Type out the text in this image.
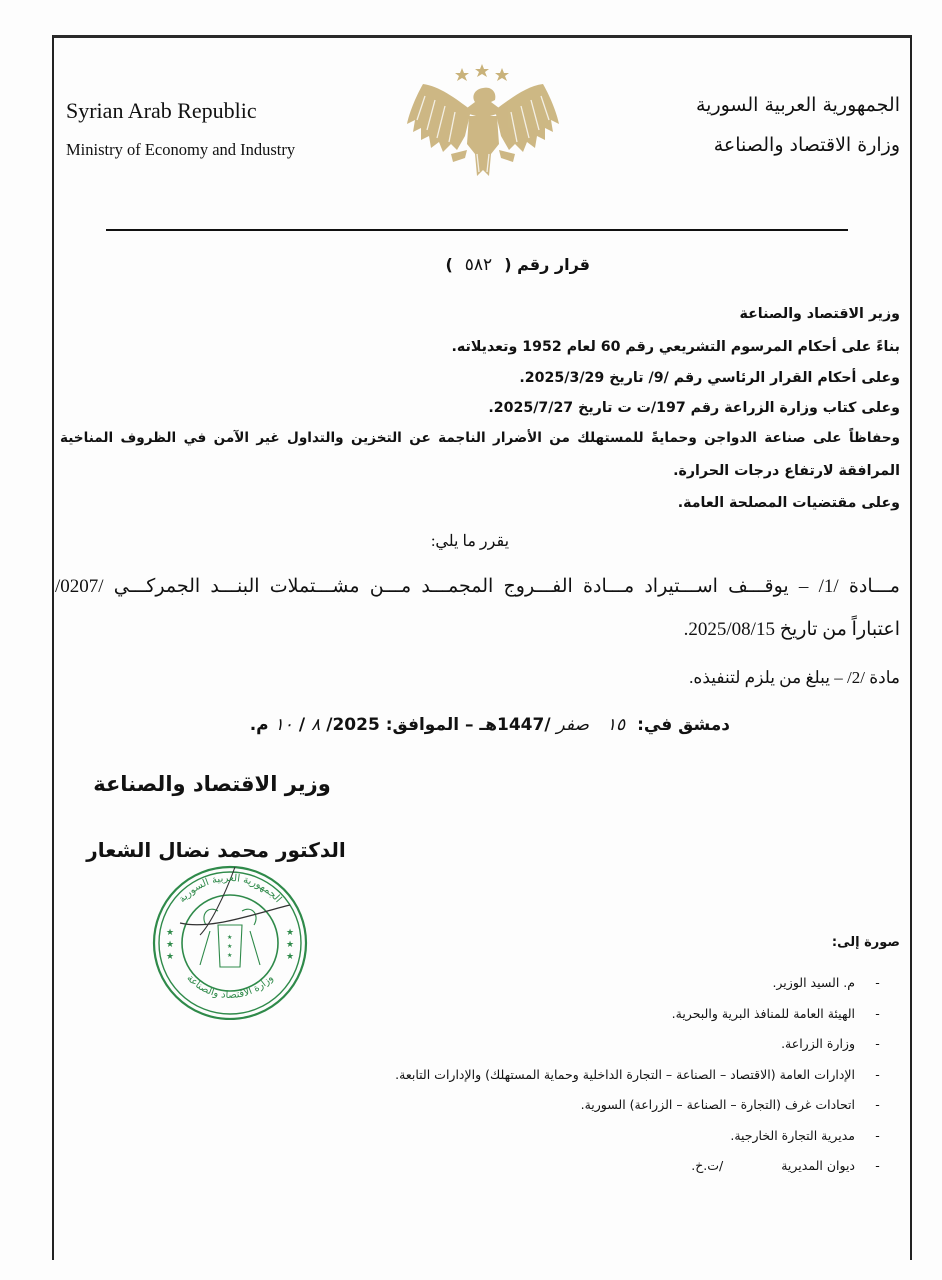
Syrian Arab Republic
Ministry of Economy and Industry
الجمهورية العربية السورية
وزارة الاقتصاد والصناعة
قرار رقم (٥٨٢)
وزير الاقتصاد والصناعة
بناءً على أحكام المرسوم التشريعي رقم 60 لعام 1952 وتعديلاته.
وعلى أحكام القرار الرئاسي رقم /9/ تاريخ 2025/3/29.
وعلى كتاب وزارة الزراعة رقم 197/ت ت تاريخ 2025/7/27.
وحفاظاً على صناعة الدواجن وحمايةً للمستهلك من الأضرار الناجمة عن التخزين والتداول غير الآمن في الظروف المناخية
المرافقة لارتفاع درجات الحرارة.
وعلى مقتضيات المصلحة العامة.
يقرر ما يلي:
مـــادة /1/ – يوقـــف اســـتيراد مـــادة الفـــروج المجمـــد مـــن مشـــتملات البنـــد الجمركـــي /0207/
اعتباراً من تاريخ 2025/08/15.
مادة /2/ – يبلغ من يلزم لتنفيذه.
دمشق في: ١٥ صفر/1447هـ – الموافق: ١٠ / ٨/2025م.
وزير الاقتصاد والصناعة
الدكتور محمد نضال الشعار
الجمهورية العربية السورية
وزارة الاقتصاد والصناعة
★
★
★
★
★
★
★
★
★
صورة إلى:
-
م. السيد الوزير.
-
الهيئة العامة للمنافذ البرية والبحرية.
-
وزارة الزراعة.
-
الإدارات العامة (الاقتصاد – الصناعة – التجارة الداخلية وحماية المستهلك) والإدارات التابعة.
-
اتحادات غرف (التجارة – الصناعة – الزراعة) السورية.
-
مديرية التجارة الخارجية.
-
ديوان المديرية/ت.خ.
